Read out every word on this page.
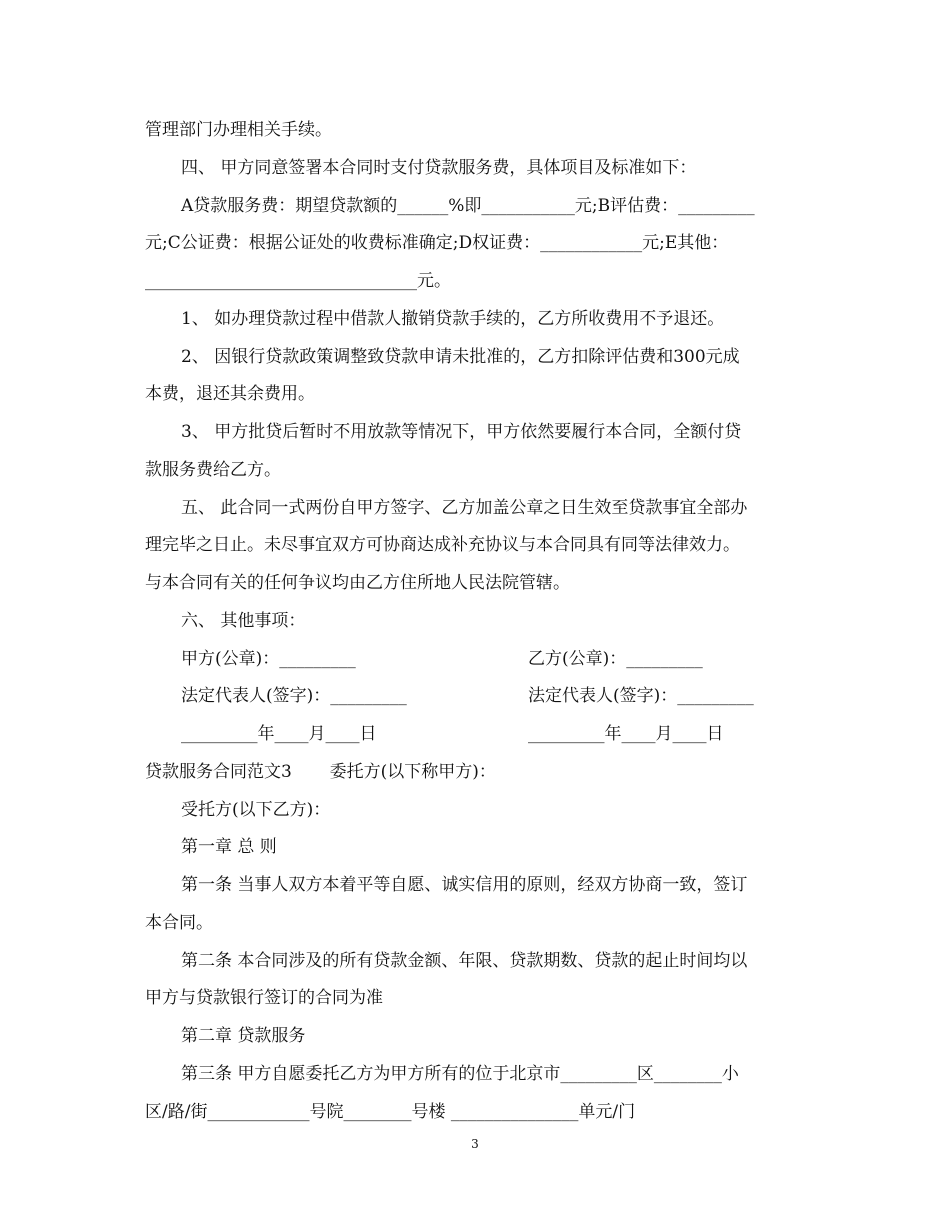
管理部门办理相关手续。
四、 甲方同意签署本合同时支付贷款服务费，具体项目及标准如下：
A贷款服务费：期望贷款额的______%即___________元;B评估费：_________
元;C公证费：根据公证处的收费标准确定;D权证费：____________元;E其他：
________________________________元。
1、 如办理贷款过程中借款人撤销贷款手续的，乙方所收费用不予退还。
2、 因银行贷款政策调整致贷款申请未批准的，乙方扣除评估费和300元成
本费，退还其余费用。
3、 甲方批贷后暂时不用放款等情况下，甲方依然要履行本合同，全额付贷
款服务费给乙方。
五、 此合同一式两份自甲方签字、乙方加盖公章之日生效至贷款事宜全部办
理完毕之日止。未尽事宜双方可协商达成补充协议与本合同具有同等法律效力。
与本合同有关的任何争议均由乙方住所地人民法院管辖。
六、 其他事项：
甲方(公章)：_________	乙方(公章)：_________
法定代表人(签字)：_________	法定代表人(签字)：_________
_________年____月____日	_________年____月____日
贷款服务合同范文3       委托方(以下称甲方)：
受托方(以下乙方)：
第一章 总 则
第一条 当事人双方本着平等自愿、诚实信用的原则，经双方协商一致，签订
本合同。
第二条 本合同涉及的所有贷款金额、年限、贷款期数、贷款的起止时间均以
甲方与贷款银行签订的合同为准
第二章 贷款服务
第三条 甲方自愿委托乙方为甲方所有的位于北京市_________区________小
区/路/街____________号院________号楼 _______________单元/门
3
